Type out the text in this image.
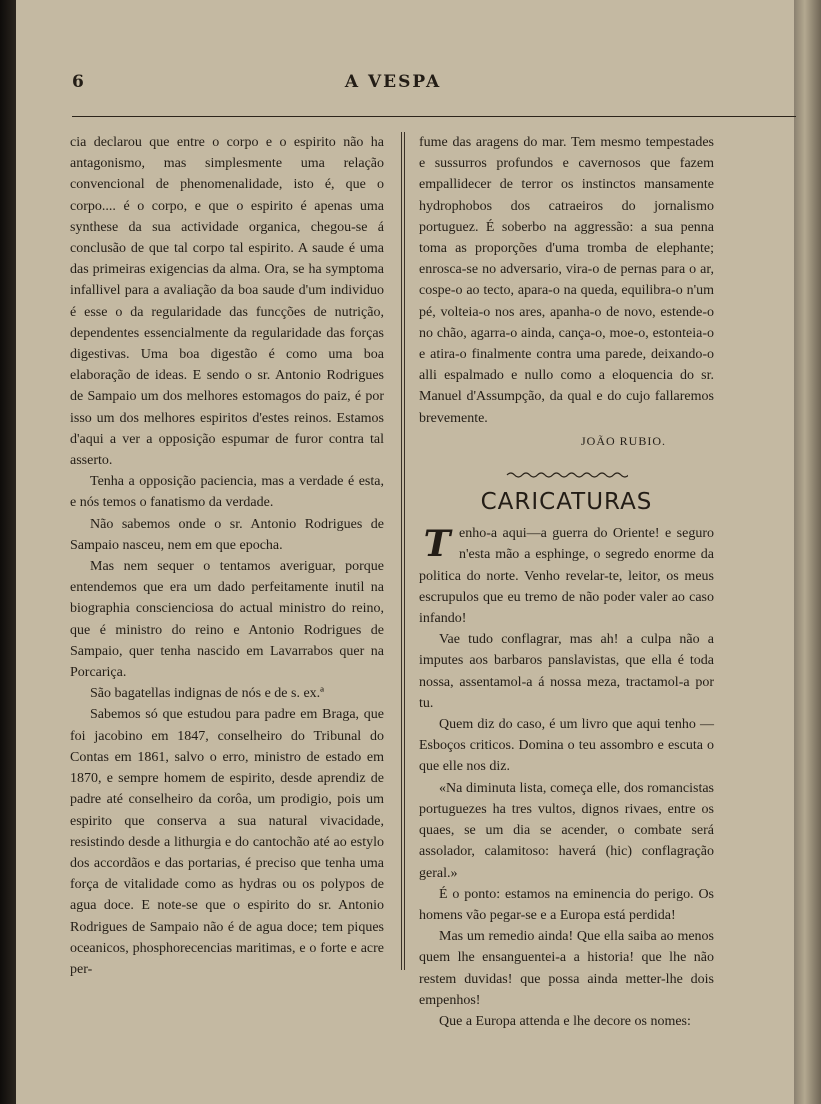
6	A VESPA

cia declarou que entre o corpo e o espirito não ha antagonismo, mas simplesmente uma relação convencional de phenomenalidade, isto é, que o corpo.... é o corpo, e que o espirito é apenas uma synthese da sua actividade organica, chegou-se á conclusão de que tal corpo tal espirito. A saude é uma das primeiras exigencias da alma. Ora, se ha symptoma infallivel para a avaliação da boa saude d'um individuo é esse o da regularidade das funcções de nutrição, dependentes essencialmente da regularidade das forças digestivas. Uma boa digestão é como uma boa elaboração de ideas. E sendo o sr. Antonio Rodrigues de Sampaio um dos melhores estomagos do paiz, é por isso um dos melhores espiritos d'estes reinos. Estamos d'aqui a ver a opposição espumar de furor contra tal asserto.

Tenha a opposição paciencia, mas a verdade é esta, e nós temos o fanatismo da verdade.

Não sabemos onde o sr. Antonio Rodrigues de Sampaio nasceu, nem em que epocha.

Mas nem sequer o tentamos averiguar, porque entendemos que era um dado perfeitamente inutil na biographia conscienciosa do actual ministro do reino, que é ministro do reino e Antonio Rodrigues de Sampaio, quer tenha nascido em Lavarrabos quer na Porcariça.

São bagatellas indignas de nós e de s. ex.ª

Sabemos só que estudou para padre em Braga, que foi jacobino em 1847, conselheiro do Tribunal do Contas em 1861, salvo o erro, ministro de estado em 1870, e sempre homem de espirito, desde aprendiz de padre até conselheiro da corôa, um prodigio, pois um espirito que conserva a sua natural vivacidade, resistindo desde a lithurgia e do cantochão até ao estylo dos accordãos e das portarias, é preciso que tenha uma força de vitalidade como as hydras ou os polypos de agua doce. E note-se que o espirito do sr. Antonio Rodrigues de Sampaio não é de agua doce; tem piques oceanicos, phosphorecencias maritimas, e o forte e acre per-

fume das aragens do mar. Tem mesmo tempestades e sussurros profundos e cavernosos que fazem empallidecer de terror os instinctos mansamente hydrophobos dos catraeiros do jornalismo portuguez. É soberbo na aggressão: a sua penna toma as proporções d'uma tromba de elephante; enrosca-se no adversario, vira-o de pernas para o ar, cospe-o ao tecto, apara-o na queda, equilibra-o n'um pé, volteia-o nos ares, apanha-o de novo, estende-o no chão, agarra-o ainda, cança-o, moe-o, estonteia-o e atira-o finalmente contra uma parede, deixando-o alli espalmado e nullo como a eloquencia do sr. Manuel d'Assumpção, da qual e do cujo fallaremos brevemente.

JOÃO RUBIO.

CARICATURAS

Tenho-a aqui—a guerra do Oriente! e seguro n'esta mão a esphinge, o segredo enorme da politica do norte. Venho revelar-te, leitor, os meus escrupulos que eu tremo de não poder valer ao caso infando!

Vae tudo conflagrar, mas ah! a culpa não a imputes aos barbaros panslavistas, que ella é toda nossa, assentamol-a á nossa meza, tractamol-a por tu.

Quem diz do caso, é um livro que aqui tenho —Esboços criticos. Domina o teu assombro e escuta o que elle nos diz.

«Na diminuta lista, começa elle, dos romancistas portuguezes ha tres vultos, dignos rivaes, entre os quaes, se um dia se acender, o combate será assolador, calamitoso: haverá (hic) conflagração geral.»

É o ponto: estamos na eminencia do perigo. Os homens vão pegar-se e a Europa está perdida!

Mas um remedio ainda! Que ella saiba ao menos quem lhe ensanguentei-a a historia! que lhe não restem duvidas! que possa ainda metter-lhe dois empenhos!

Que a Europa attenda e lhe decore os nomes:
